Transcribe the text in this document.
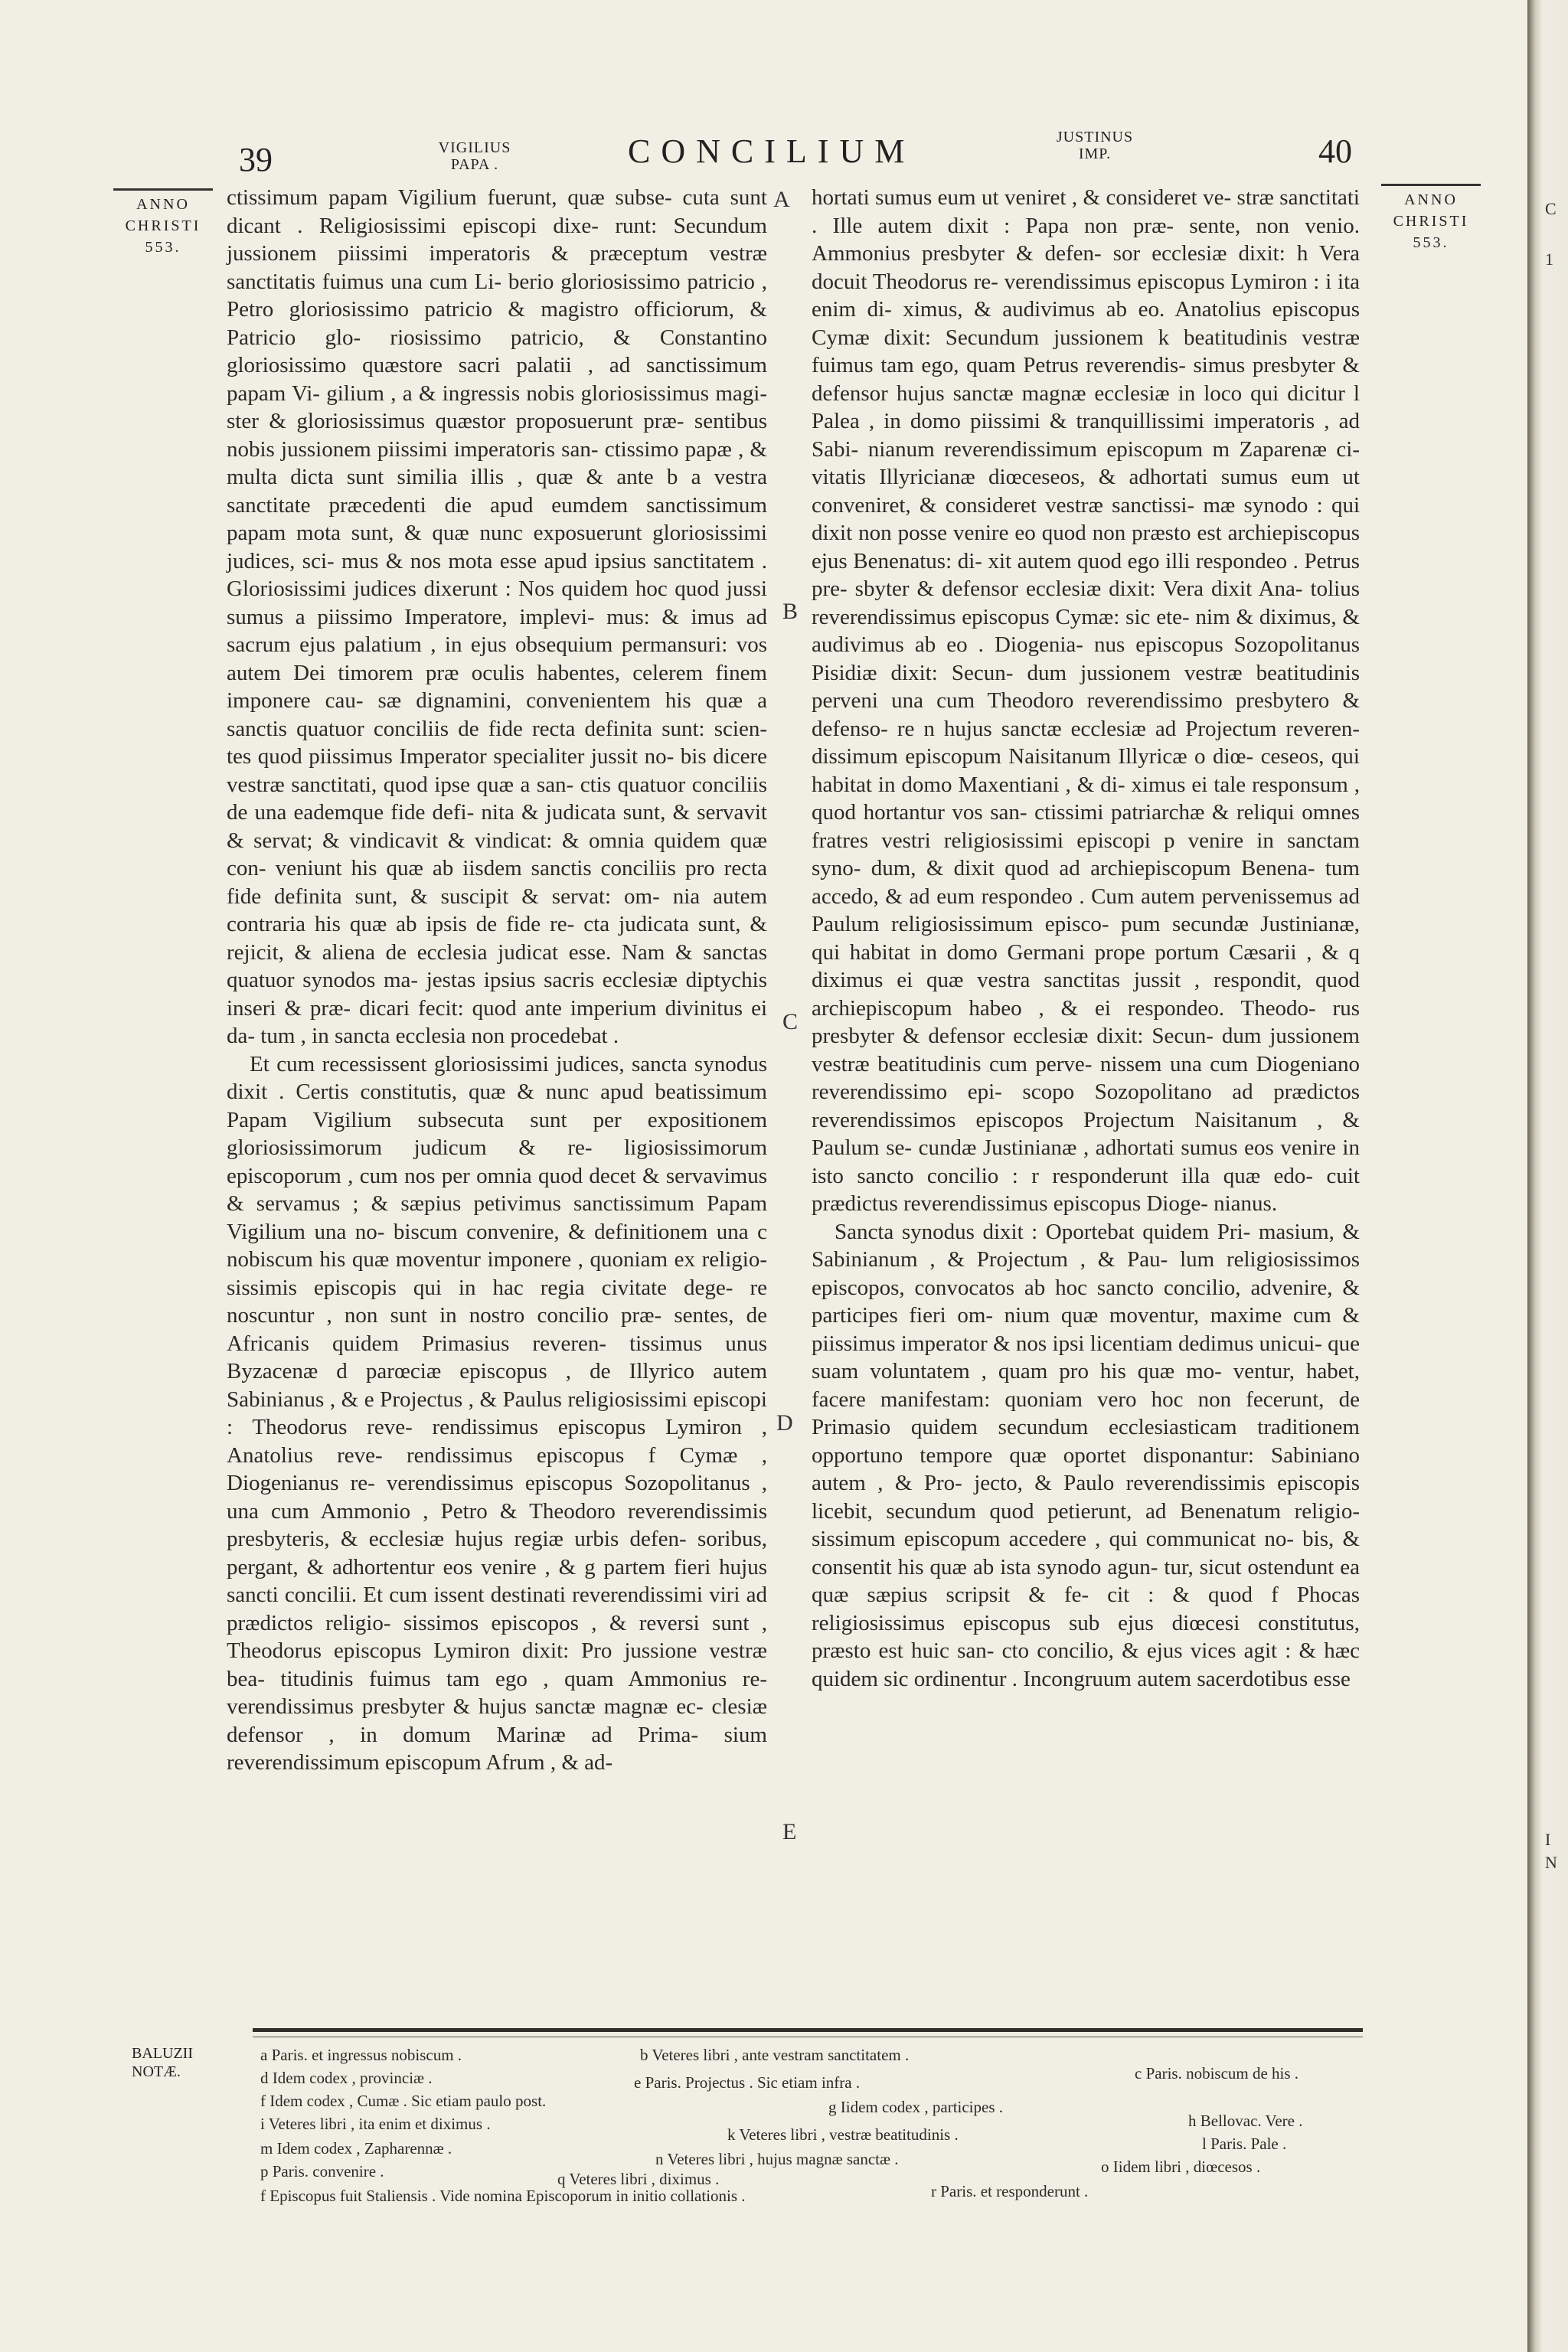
39	VIGILIUS
PAPA .	CONCILIUM	JUSTINUS
IMP.	40
ANNO
CHRISTI
553.
ANNO
CHRISTI
553.

ctissimum papam Vigilium fuerunt, quæ subse- cuta sunt dicant . Religiosissimi episcopi dixe- runt: Secundum jussionem piissimi imperatoris & præceptum vestræ sanctitatis fuimus una cum Li- berio gloriosissimo patricio , Petro gloriosissimo patricio & magistro officiorum, & Patricio glo- riosissimo patricio, & Constantino gloriosissimo quæstore sacri palatii , ad sanctissimum papam Vi- gilium , a & ingressis nobis gloriosissimus magi- ster & gloriosissimus quæstor proposuerunt præ- sentibus nobis jussionem piissimi imperatoris san- ctissimo papæ , & multa dicta sunt similia illis , quæ & ante b a vestra sanctitate præcedenti die apud eumdem sanctissimum papam mota sunt, & quæ nunc exposuerunt gloriosissimi judices, sci- mus & nos mota esse apud ipsius sanctitatem . Gloriosissimi judices dixerunt : Nos quidem hoc quod jussi sumus a piissimo Imperatore, implevi- mus: & imus ad sacrum ejus palatium , in ejus obsequium permansuri: vos autem Dei timorem præ oculis habentes, celerem finem imponere cau- sæ dignamini, convenientem his quæ a sanctis quatuor conciliis de fide recta definita sunt: scien- tes quod piissimus Imperator specialiter jussit no- bis dicere vestræ sanctitati, quod ipse quæ a san- ctis quatuor conciliis de una eademque fide defi- nita & judicata sunt, & servavit & servat; & vindicavit & vindicat: & omnia quidem quæ con- veniunt his quæ ab iisdem sanctis conciliis pro recta fide definita sunt, & suscipit & servat: om- nia autem contraria his quæ ab ipsis de fide re- cta judicata sunt, & rejicit, & aliena de ecclesia judicat esse. Nam & sanctas quatuor synodos ma- jestas ipsius sacris ecclesiæ diptychis inseri & præ- dicari fecit: quod ante imperium divinitus ei da- tum , in sancta ecclesia non procedebat .

Et cum recessissent gloriosissimi judices, sancta synodus dixit . Certis constitutis, quæ & nunc apud beatissimum Papam Vigilium subsecuta sunt per expositionem gloriosissimorum judicum & re- ligiosissimorum episcoporum , cum nos per omnia quod decet & servavimus & servamus ; & sæpius petivimus sanctissimum Papam Vigilium una no- biscum convenire, & definitionem una c nobiscum his quæ moventur imponere , quoniam ex religio- sissimis episcopis qui in hac regia civitate dege- re noscuntur , non sunt in nostro concilio præ- sentes, de Africanis quidem Primasius reveren- tissimus unus Byzacenæ d parœciæ episcopus , de Illyrico autem Sabinianus , & e Projectus , & Paulus religiosissimi episcopi : Theodorus reve- rendissimus episcopus Lymiron , Anatolius reve- rendissimus episcopus f Cymæ , Diogenianus re- verendissimus episcopus Sozopolitanus , una cum Ammonio , Petro & Theodoro reverendissimis presbyteris, & ecclesiæ hujus regiæ urbis defen- soribus, pergant, & adhortentur eos venire , & g partem fieri hujus sancti concilii. Et cum issent destinati reverendissimi viri ad prædictos religio- sissimos episcopos , & reversi sunt , Theodorus episcopus Lymiron dixit: Pro jussione vestræ bea- titudinis fuimus tam ego , quam Ammonius re- verendissimus presbyter & hujus sanctæ magnæ ec- clesiæ defensor , in domum Marinæ ad Prima- sium reverendissimum episcopum Afrum , & ad-

A
B
C
D
E

hortati sumus eum ut veniret , & consideret ve- stræ sanctitati . Ille autem dixit : Papa non præ- sente, non venio. Ammonius presbyter & defen- sor ecclesiæ dixit: h Vera docuit Theodorus re- verendissimus episcopus Lymiron : i ita enim di- ximus, & audivimus ab eo. Anatolius episcopus Cymæ dixit: Secundum jussionem k beatitudinis vestræ fuimus tam ego, quam Petrus reverendis- simus presbyter & defensor hujus sanctæ magnæ ecclesiæ in loco qui dicitur l Palea , in domo piissimi & tranquillissimi imperatoris , ad Sabi- nianum reverendissimum episcopum m Zaparenæ ci- vitatis Illyricianæ diœceseos, & adhortati sumus eum ut conveniret, & consideret vestræ sanctissi- mæ synodo : qui dixit non posse venire eo quod non præsto est archiepiscopus ejus Benenatus: di- xit autem quod ego illi respondeo . Petrus pre- sbyter & defensor ecclesiæ dixit: Vera dixit Ana- tolius reverendissimus episcopus Cymæ: sic ete- nim & diximus, & audivimus ab eo . Diogenia- nus episcopus Sozopolitanus Pisidiæ dixit: Secun- dum jussionem vestræ beatitudinis perveni una cum Theodoro reverendissimo presbytero & defenso- re n hujus sanctæ ecclesiæ ad Projectum reveren- dissimum episcopum Naisitanum Illyricæ o diœ- ceseos, qui habitat in domo Maxentiani , & di- ximus ei tale responsum , quod hortantur vos san- ctissimi patriarchæ & reliqui omnes fratres vestri religiosissimi episcopi p venire in sanctam syno- dum, & dixit quod ad archiepiscopum Benena- tum accedo, & ad eum respondeo . Cum autem pervenissemus ad Paulum religiosissimum episco- pum secundæ Justinianæ, qui habitat in domo Germani prope portum Cæsarii , & q diximus ei quæ vestra sanctitas jussit , respondit, quod archiepiscopum habeo , & ei respondeo. Theodo- rus presbyter & defensor ecclesiæ dixit: Secun- dum jussionem vestræ beatitudinis cum perve- nissem una cum Diogeniano reverendissimo epi- scopo Sozopolitano ad prædictos reverendissimos episcopos Projectum Naisitanum , & Paulum se- cundæ Justinianæ , adhortati sumus eos venire in isto sancto concilio : r responderunt illa quæ edo- cuit prædictus reverendissimus episcopus Dioge- nianus.

Sancta synodus dixit : Oportebat quidem Pri- masium, & Sabinianum , & Projectum , & Pau- lum religiosissimos episcopos, convocatos ab hoc sancto concilio, advenire, & participes fieri om- nium quæ moventur, maxime cum & piissimus imperator & nos ipsi licentiam dedimus unicui- que suam voluntatem , quam pro his quæ mo- ventur, habet, facere manifestam: quoniam vero hoc non fecerunt, de Primasio quidem secundum ecclesiasticam traditionem opportuno tempore quæ oportet disponantur: Sabiniano autem , & Pro- jecto, & Paulo reverendissimis episcopis licebit, secundum quod petierunt, ad Benenatum religio- sissimum episcopum accedere , qui communicat no- bis, & consentit his quæ ab ista synodo agun- tur, sicut ostendunt ea quæ sæpius scripsit & fe- cit : & quod f Phocas religiosissimus episcopus sub ejus diœcesi constitutus, præsto est huic san- cto concilio, & ejus vices agit : & hæc quidem sic ordinentur . Incongruum autem sacerdotibus esse

BALUZII
NOTÆ.
a Paris. et ingressus nobiscum .	b Veteres libri , ante vestram sanctitatem .
c Paris. nobiscum de his .
d Idem codex , provinciæ .	e Paris. Projectus . Sic etiam infra .
f Idem codex , Cumæ . Sic etiam paulo post.	g Iidem codex , participes .
h Bellovac. Vere .
i Veteres libri , ita enim et diximus .
k Veteres libri , vestræ beatitudinis .	l Paris. Pale .
m Idem codex , Zapharennæ .
n Veteres libri , hujus magnæ sanctæ .	o Iidem libri , diœcesos .
p Paris. convenire .	q Veteres libri , diximus .
r Paris. et responderunt .
f Episcopus fuit Staliensis . Vide nomina Episcoporum in initio collationis .
C
1
I
N
